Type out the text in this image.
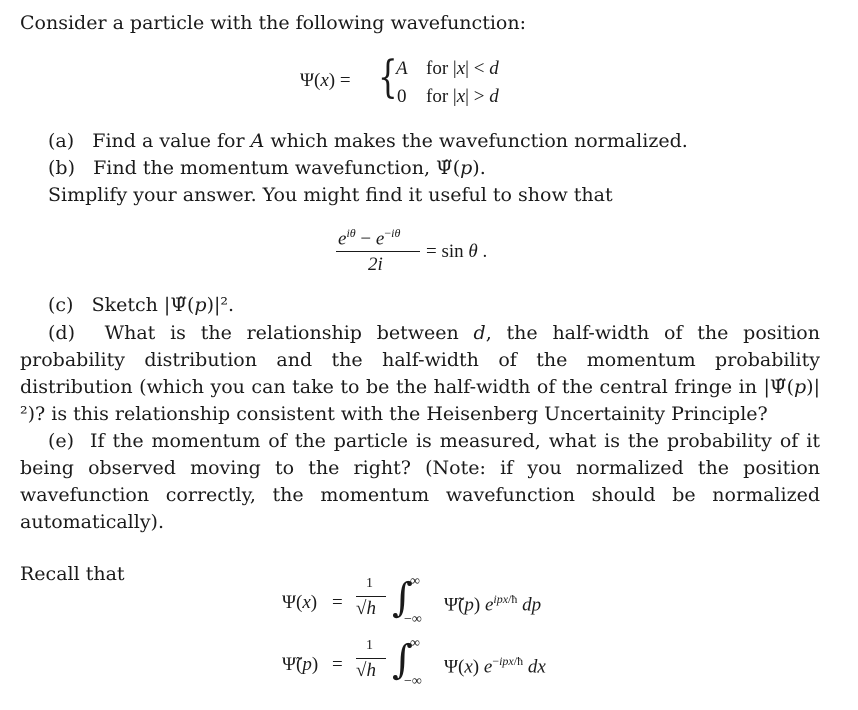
Consider a particle with the following wavefunction:
Ψ(x) = {
A for |x| < d
0 for |x| > d
(a) Find a value for A which makes the wavefunction normalized.
(b) Find the momentum wavefunction, Ψ̃(p).
Simplify your answer. You might find it useful to show that
$e^{i\theta} - e^{-i\theta}$
2i
= sin θ .
(c) Sketch |Ψ̃(p)|².
(d) What is the relationship between d, the half-width of the position probability distribution and the half-width of the momentum probability distribution (which you can take to be the half-width of the central fringe in |Ψ̃(p)|²)? is this relationship consistent with the Heisenberg Uncertainity Principle?
(e) If the momentum of the particle is measured, what is the probability of it being observed moving to the right? (Note: if you normalized the position wavefunction correctly, the momentum wavefunction should be normalized automatically).
Recall that
Ψ(x) =
1
√h ∫
∞
−∞
Ψ̃(p) $e^{ipx/ħ}$ dp
Ψ̃(p) =
1
√h ∫
∞
−∞
Ψ(x) $e^{-ipx/ħ}$ dx
